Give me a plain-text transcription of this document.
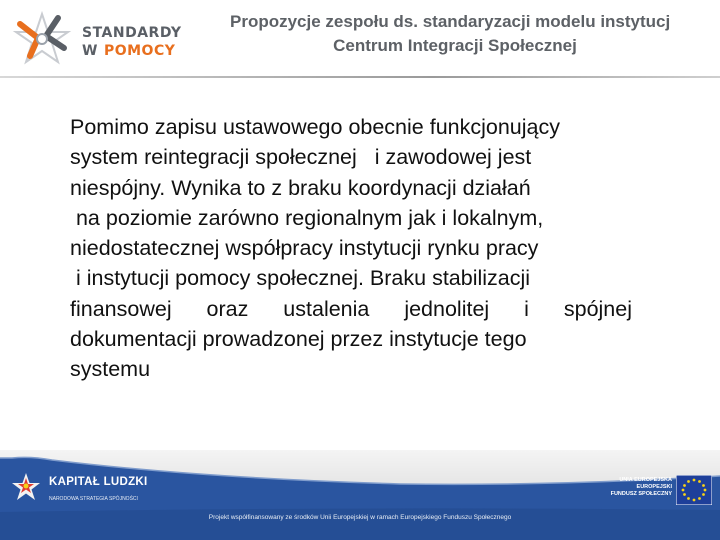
STANDARDY
W POMOCY
Propozycje zespołu ds. standaryzacji modelu instytucj
Centrum Integracji Społecznej
Pomimo zapisu ustawowego obecnie funkcjonujący
system reintegracji społecznej   i zawodowej jest
niespójny. Wynika to z braku koordynacji działań
na poziomie zarówno regionalnym jak i lokalnym,
niedostatecznej współpracy instytucji rynku pracy
i instytucji pomocy społecznej. Braku stabilizacji
finansowej oraz ustalenia jednolitej i spójnej
dokumentacji prowadzonej przez instytucje tego
systemu
KAPITAŁ LUDZKI
NARODOWA STRATEGIA SPÓJNOŚCI
UNIA EUROPEJSKA
EUROPEJSKI
FUNDUSZ SPOŁECZNY
Projekt współfinansowany ze środków Unii Europejskiej w ramach Europejskiego Funduszu Społecznego
